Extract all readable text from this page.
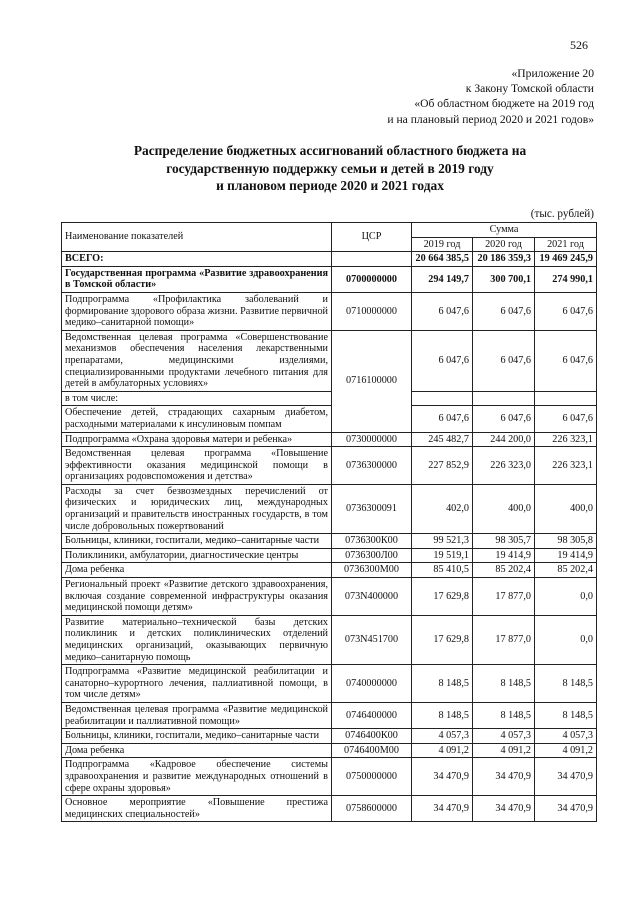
526
«Приложение 20
к Закону Томской области
«Об областном бюджете на 2019 год
и на плановый период 2020 и 2021 годов»
Распределение бюджетных ассигнований областного бюджета на
государственную поддержку семьи и детей в 2019 году
и плановом периоде 2020 и 2021 годах
(тыс. рублей)
Наименование показателей	ЦСР	Сумма		
		2019 год	2020 год	2021 год
ВСЕГО:		20 664 385,5	20 186 359,3	19 469 245,9
Государственная программа «Развитие здравоохранения в Томской области»	0700000000	294 149,7	300 700,1	274 990,1
Подпрограмма «Профилактика заболеваний и формирование здорового образа жизни. Развитие первичной медико–санитарной помощи»	0710000000	6 047,6	6 047,6	6 047,6
Ведомственная целевая программа «Совершенствование механизмов обеспечения населения лекарственными препаратами, медицинскими изделиями, специализированными продуктами лечебного питания для детей в амбулаторных условиях»	0716100000	6 047,6	6 047,6	6 047,6
в том числе:				
Обеспечение детей, страдающих сахарным диабетом, расходными материалами к инсулиновым помпам		6 047,6	6 047,6	6 047,6
Подпрограмма «Охрана здоровья матери и ребенка»	0730000000	245 482,7	244 200,0	226 323,1
Ведомственная целевая программа «Повышение эффективности оказания медицинской помощи в организациях родовспоможения и детства»	0736300000	227 852,9	226 323,0	226 323,1
Расходы за счет безвозмездных перечислений от физических и юридических лиц, международных организаций и правительств иностранных государств, в том числе добровольных пожертвований	0736300091	402,0	400,0	400,0
Больницы, клиники, госпитали, медико–санитарные части	0736300К00	99 521,3	98 305,7	98 305,8
Поликлиники, амбулатории, диагностические центры	0736300Л00	19 519,1	19 414,9	19 414,9
Дома ребенка	0736300М00	85 410,5	85 202,4	85 202,4
Региональный проект «Развитие детского здравоохранения, включая создание современной инфраструктуры оказания медицинской помощи детям»	073N400000	17 629,8	17 877,0	0,0
Развитие материально–технической базы детских поликлиник и детских поликлинических отделений медицинских организаций, оказывающих первичную медико–санитарную помощь	073N451700	17 629,8	17 877,0	0,0
Подпрограмма «Развитие медицинской реабилитации и санаторно–курортного лечения, паллиативной помощи, в том числе детям»	0740000000	8 148,5	8 148,5	8 148,5
Ведомственная целевая программа «Развитие медицинской реабилитации и паллиативной помощи»	0746400000	8 148,5	8 148,5	8 148,5
Больницы, клиники, госпитали, медико–санитарные части	0746400К00	4 057,3	4 057,3	4 057,3
Дома ребенка	0746400М00	4 091,2	4 091,2	4 091,2
Подпрограмма «Кадровое обеспечение системы здравоохранения и развитие международных отношений в сфере охраны здоровья»	0750000000	34 470,9	34 470,9	34 470,9
Основное мероприятие «Повышение престижа медицинских специальностей»	0758600000	34 470,9	34 470,9	34 470,9
